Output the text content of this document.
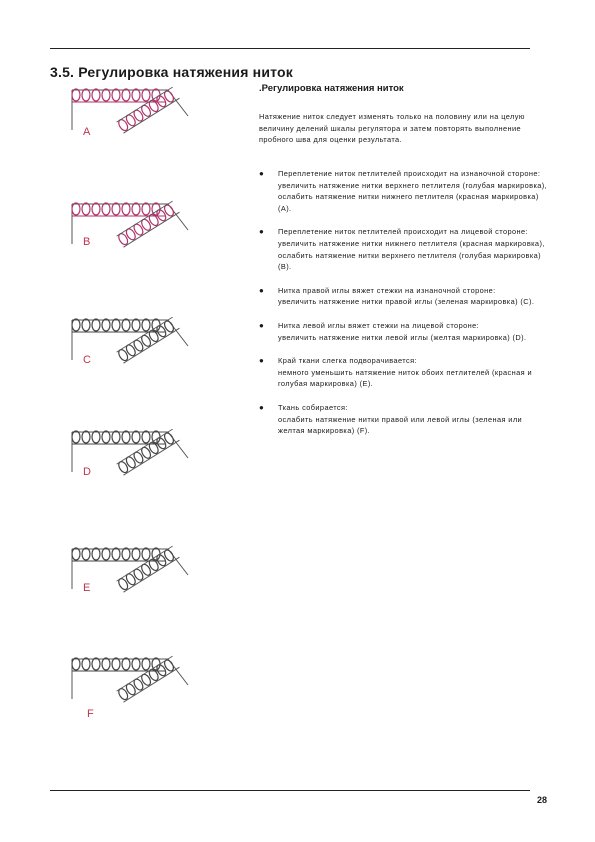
3.5. Регулировка натяжения ниток
.Регулировка натяжения ниток

Натяжение ниток следует изменять только на половину или на целую величину делений шкалы регулятора и затем повторять выполнение пробного шва для оценки результата.

● Переплетение ниток петлителей происходит на изнаночной стороне:
увеличить натяжение нитки верхнего петлителя (голубая маркировка), ослабить натяжение нитки нижнего петлителя (красная маркировка) (A).
● Переплетение ниток петлителей происходит на лицевой стороне:
увеличить натяжение нитки нижнего петлителя (красная маркировка), ослабить натяжение нитки верхнего петлителя (голубая маркировка) (B).
● Нитка правой иглы вяжет стежки на изнаночной стороне:
увеличить натяжение нитки правой иглы (зеленая маркировка) (C).
● Нитка левой иглы вяжет стежки на лицевой стороне:
увеличить натяжение нитки левой иглы (желтая маркировка) (D).
● Край ткани слегка подворачивается:
немного уменьшить натяжение ниток обоих петлителей (красная и голубая маркировка) (E).
● Ткань собирается:
ослабить натяжение нитки правой или левой иглы (зеленая или желтая маркировка) (F).
A
B
C
D
E
F
28
